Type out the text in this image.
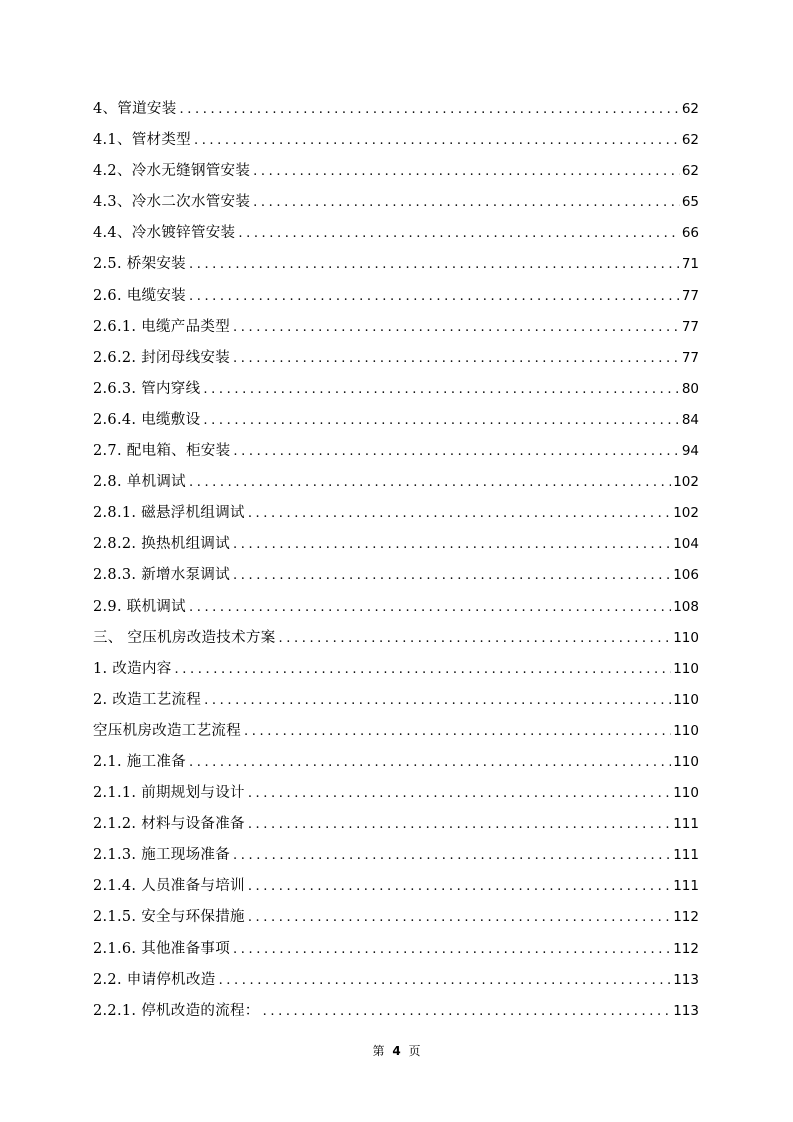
4、管道安装 .....	62
4.1、管材类型 .....	62
4.2、冷水无缝钢管安装 .....	62
4.3、冷水二次水管安装 .....	65
4.4、冷水镀锌管安装 .....	66
2.5. 桥架安装 .....	71
2.6. 电缆安装 .....	77
2.6.1. 电缆产品类型 .....	77
2.6.2. 封闭母线安装 .....	77
2.6.3. 管内穿线 .....	80
2.6.4. 电缆敷设 .....	84
2.7. 配电箱、柜安装 .....	94
2.8. 单机调试 .....	102
2.8.1. 磁悬浮机组调试 .....	102
2.8.2. 换热机组调试 .....	104
2.8.3. 新增水泵调试 .....	106
2.9. 联机调试 .....	108
三、 空压机房改造技术方案 .....	110
1. 改造内容 .....	110
2. 改造工艺流程 .....	110
空压机房改造工艺流程 .....	110
2.1. 施工准备 .....	110
2.1.1. 前期规划与设计 .....	110
2.1.2. 材料与设备准备 .....	111
2.1.3. 施工现场准备 .....	111
2.1.4. 人员准备与培训 .....	111
2.1.5. 安全与环保措施 .....	112
2.1.6. 其他准备事项 .....	112
2.2. 申请停机改造 .....	113
2.2.1. 停机改造的流程： .....	113
第 4 页
